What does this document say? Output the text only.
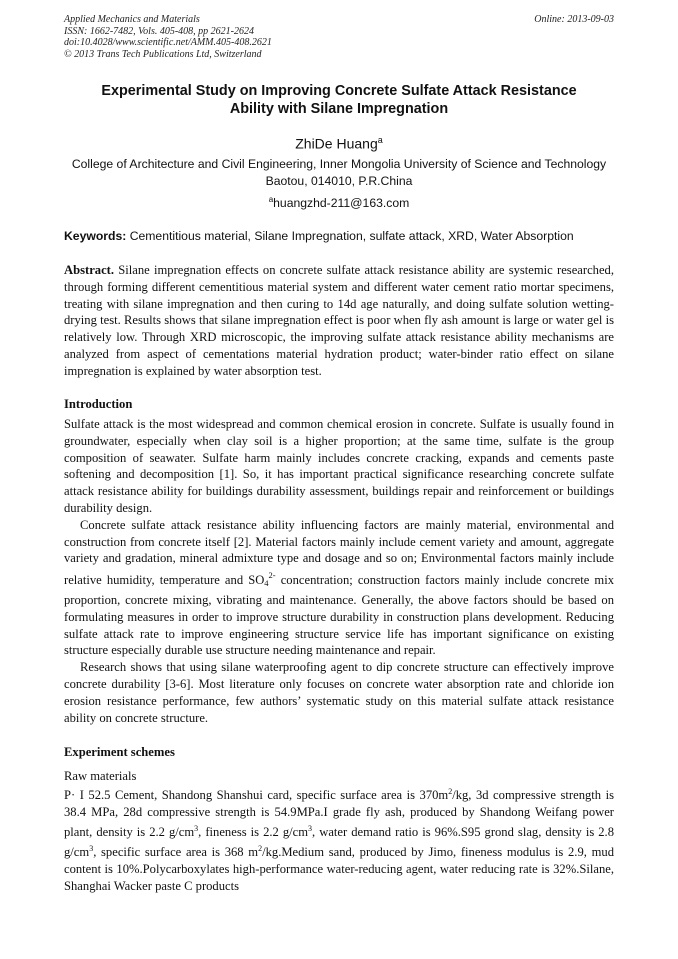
Applied Mechanics and Materials
ISSN: 1662-7482, Vols. 405-408, pp 2621-2624
doi:10.4028/www.scientific.net/AMM.405-408.2621
© 2013 Trans Tech Publications Ltd, Switzerland
Online: 2013-09-03
Experimental Study on Improving Concrete Sulfate Attack Resistance
Ability with Silane Impregnation
ZhiDe Huang$^a$
College of Architecture and Civil Engineering, Inner Mongolia University of Science and Technology
Baotou, 014010, P.R.China
$^a$huangzhd-211@163.com
Keywords: Cementitious material, Silane Impregnation, sulfate attack, XRD, Water Absorption

Abstract. Silane impregnation effects on concrete sulfate attack resistance ability are systemic researched, through forming different cementitious material system and different water cement ratio mortar specimens, treating with silane impregnation and then curing to 14d age naturally, and doing sulfate solution wetting-drying test. Results shows that silane impregnation effect is poor when fly ash amount is large or water gel is relatively low. Through XRD microscopic, the improving sulfate attack resistance ability mechanisms are analyzed from aspect of cementations material hydration product; water-binder ratio effect on silane impregnation is explained by water absorption test.

Introduction

Sulfate attack is the most widespread and common chemical erosion in concrete. Sulfate is usually found in groundwater, especially when clay soil is a higher proportion; at the same time, sulfate is the group composition of seawater. Sulfate harm mainly includes concrete cracking, expands and cements paste softening and decomposition [1]. So, it has important practical significance researching concrete sulfate attack resistance ability for buildings durability assessment, buildings repair and reinforcement or buildings durability design.

Concrete sulfate attack resistance ability influencing factors are mainly material, environmental and construction from concrete itself [2]. Material factors mainly include cement variety and amount, aggregate variety and gradation, mineral admixture type and dosage and so on; Environmental factors mainly include relative humidity, temperature and $SO4^{2-}$ concentration; construction factors mainly include concrete mix proportion, concrete mixing, vibrating and maintenance. Generally, the above factors should be based on formulating measures in order to improve structure durability in construction plans development. Reducing sulfate attack rate to improve engineering structure service life has important significance on existing structure especially durable use structure needing maintenance and repair.

Research shows that using silane waterproofing agent to dip concrete structure can effectively improve concrete durability [3-6]. Most literature only focuses on concrete water absorption rate and chloride ion erosion resistance performance, few authors’ systematic study on this material sulfate attack resistance ability on concrete structure.

Experiment schemes
Raw materials

P· I 52.5 Cement, Shandong Shanshui card, specific surface area is $370m^2/kg$, 3d compressive strength is 38.4 MPa, 28d compressive strength is 54.9MPa.I grade fly ash, produced by Shandong Weifang power plant, density is 2.2 $g/cm^3$, fineness is 2.2 $g/cm^3$, water demand ratio is 96%.S95 grond slag, density is 2.8 $g/cm^3$, specific surface area is 368 $m^2/kg.Medium$ sand, produced by Jimo, fineness modulus is 2.9, mud content is 10%.Polycarboxylates high-performance water-reducing agent, water reducing rate is 32%.Silane, Shanghai Wacker paste C products
